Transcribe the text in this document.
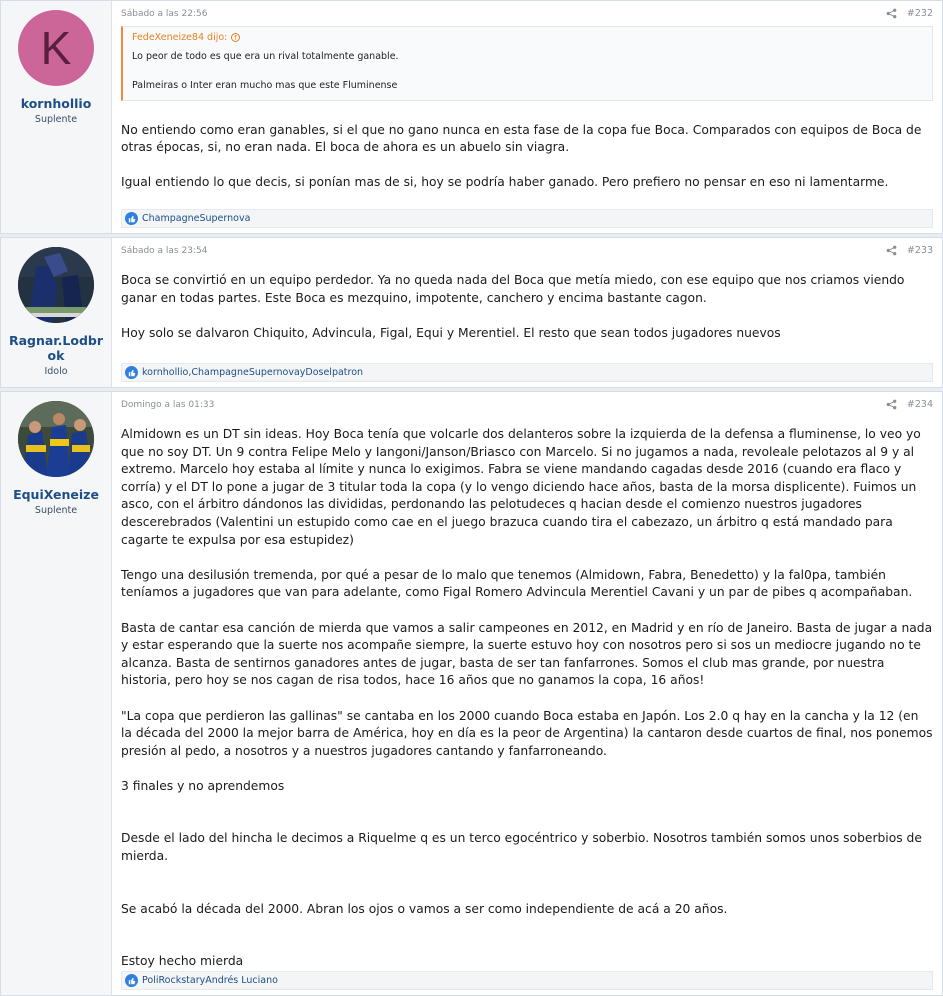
K
kornhollio
Suplente
Sábado a las 22:56	#232
FedeXeneize84 dijo: ↑

Lo peor de todo es que era un rival totalmente ganable.

Palmeiras o Inter eran mucho mas que este Fluminense

No entiendo como eran ganables, si el que no gano nunca en esta fase de la copa fue Boca. Comparados con equipos de Boca de otras épocas, si, no eran nada. El boca de ahora es un abuelo sin viagra.

Igual entiendo lo que decis, si ponían mas de si, hoy se podría haber ganado. Pero prefiero no pensar en eso ni lamentarme.

ChampagneSupernova
Ragnar.Lodbrok
Idolo
Sábado a las 23:54	#233

Boca se convirtió en un equipo perdedor. Ya no queda nada del Boca que metía miedo, con ese equipo que nos criamos viendo ganar en todas partes. Este Boca es mezquino, impotente, canchero y encima bastante cagon.

Hoy solo se dalvaron Chiquito, Advincula, Figal, Equi y Merentiel. El resto que sean todos jugadores nuevos

kornhollio , ChampagneSupernova y Doselpatron
EquiXeneize
Suplente
Domingo a las 01:33	#234

Almidown es un DT sin ideas. Hoy Boca tenía que volcarle dos delanteros sobre la izquierda de la defensa a fluminense, lo veo yo que no soy DT. Un 9 contra Felipe Melo y Iangoni/Janson/Briasco con Marcelo. Si no jugamos a nada, revoleale pelotazos al 9 y al extremo. Marcelo hoy estaba al límite y nunca lo exigimos. Fabra se viene mandando cagadas desde 2016 (cuando era flaco y corría) y el DT lo pone a jugar de 3 titular toda la copa (y lo vengo diciendo hace años, basta de la morsa displicente). Fuimos un asco, con el árbitro dándonos las divididas, perdonando las pelotudeces q hacian desde el comienzo nuestros jugadores descerebrados (Valentini un estupido como cae en el juego brazuca cuando tira el cabezazo, un árbitro q está mandado para cagarte te expulsa por esa estupidez)

Tengo una desilusión tremenda, por qué a pesar de lo malo que tenemos (Almidown, Fabra, Benedetto) y la fal0pa, también teníamos a jugadores que van para adelante, como Figal Romero Advincula Merentiel Cavani y un par de pibes q acompañaban.

Basta de cantar esa canción de mierda que vamos a salir campeones en 2012, en Madrid y en río de Janeiro. Basta de jugar a nada y estar esperando que la suerte nos acompañe siempre, la suerte estuvo hoy con nosotros pero si sos un mediocre jugando no te alcanza. Basta de sentirnos ganadores antes de jugar, basta de ser tan fanfarrones. Somos el club mas grande, por nuestra historia, pero hoy se nos cagan de risa todos, hace 16 años que no ganamos la copa, 16 años!

"La copa que perdieron las gallinas" se cantaba en los 2000 cuando Boca estaba en Japón. Los 2.0 q hay en la cancha y la 12 (en la década del 2000 la mejor barra de América, hoy en día es la peor de Argentina) la cantaron desde cuartos de final, nos ponemos presión al pedo, a nosotros y a nuestros jugadores cantando y fanfarroneando.

3 finales y no aprendemos

Desde el lado del hincha le decimos a Riquelme q es un terco egocéntrico y soberbio. Nosotros también somos unos soberbios de mierda.

Se acabó la década del 2000. Abran los ojos o vamos a ser como independiente de acá a 20 años.

Estoy hecho mierda

PoliRockstar y Andrés Luciano
